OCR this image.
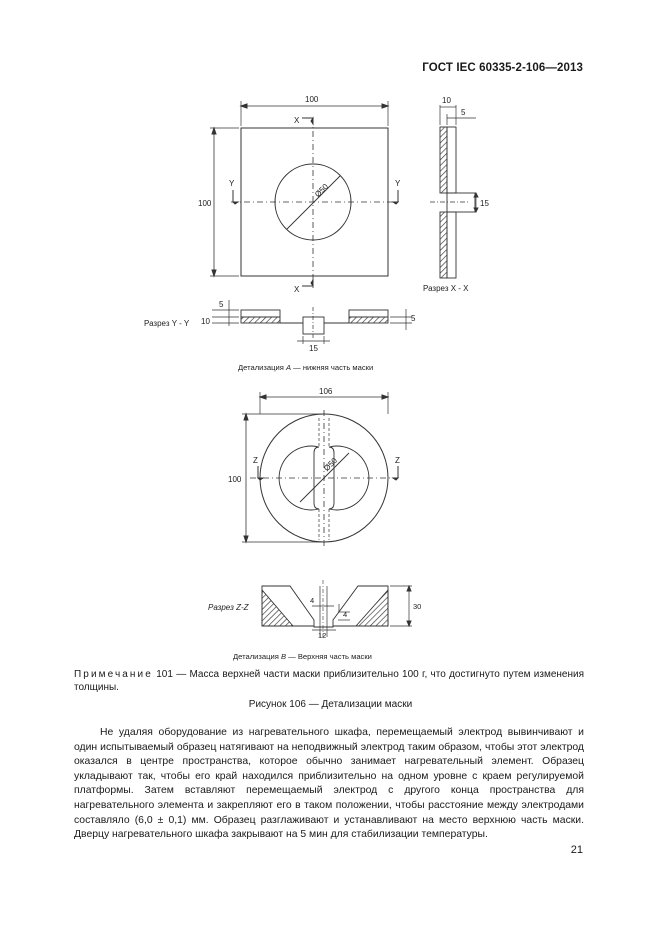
ГОСТ IEC 60335-2-106—2013
100
100
Ø50
X
X
Y	Y
10
5
15
Разрез X - X
Разрез Y - Y
5
10	5
15
Детализация A — нижняя часть маски
106
100
Ø50
Z	Z
Разрез Z-Z
4
4
12
30
Детализация B — Верхняя часть маски
Примечание 101 — Масса верхней части маски приблизительно 100 г, что достигнуто путем изменения толщины.
Рисунок 106 — Детализации маски
Не удаляя оборудование из нагревательного шкафа, перемещаемый электрод вывинчивают и один испытываемый образец натягивают на неподвижный электрод таким образом, чтобы этот электрод оказался в центре пространства, которое обычно занимает нагревательный элемент. Образец укладывают так, чтобы его край находился приблизительно на одном уровне с краем регулируемой платформы. Затем вставляют перемещаемый электрод с другого конца пространства для нагревательного элемента и закрепляют его в таком положении, чтобы расстояние между электродами составляло (6,0 ± 0,1) мм. Образец разглаживают и устанавливают на место верхнюю часть маски. Дверцу нагревательного шкафа закрывают на 5 мин для стабилизации температуры.
21
